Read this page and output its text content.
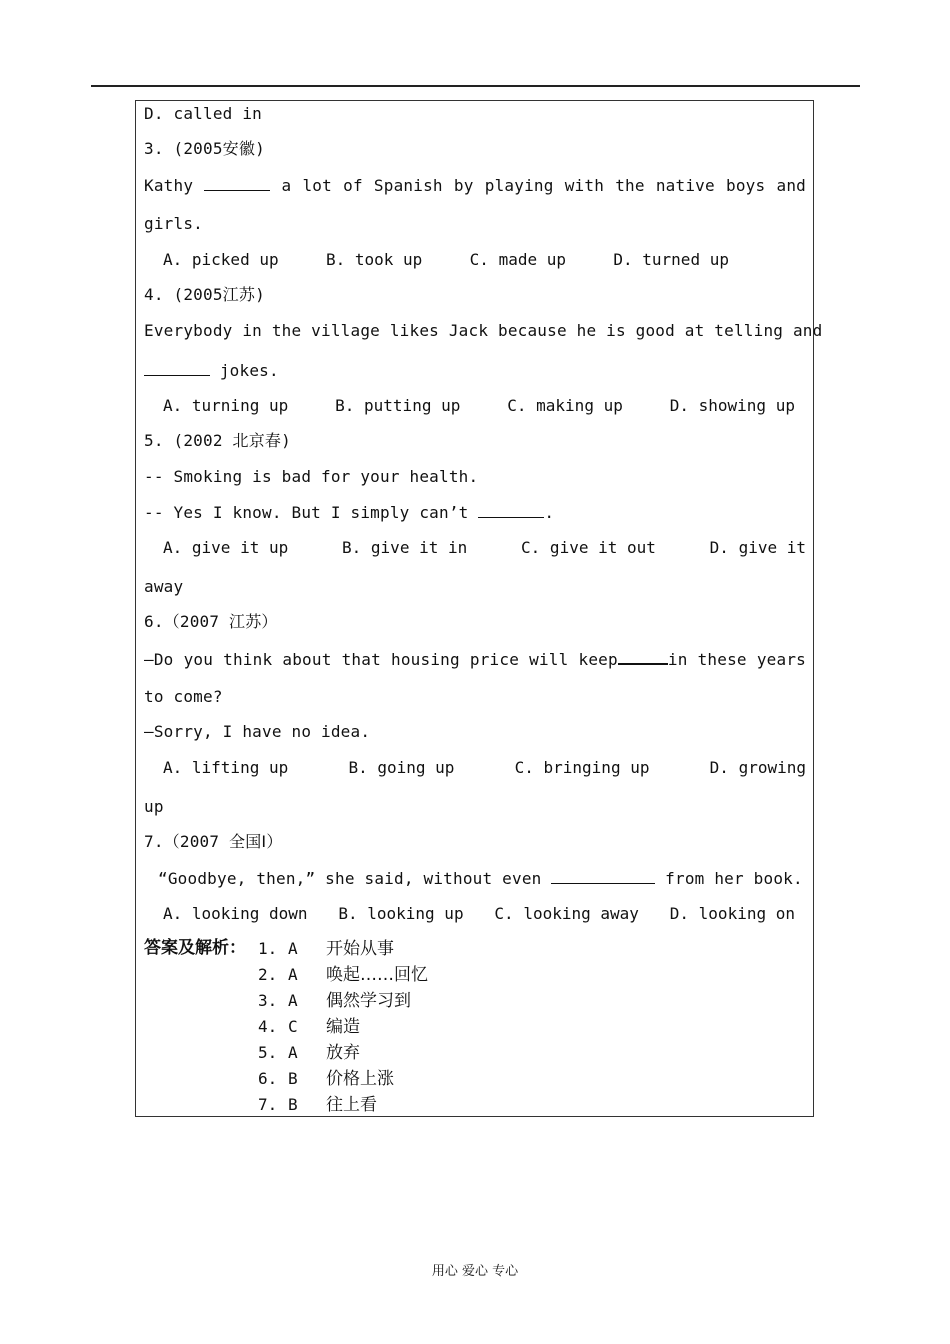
D. called in
3. (2005安徽)
Kathy	a lot of Spanish by playing with the native boys and
girls.
A. picked up	B. took up	C. made up	D. turned up
4. (2005江苏)
Everybody in the village likes Jack because he is good at telling and
jokes.
A. turning up	B. putting up	C. making up	D. showing up
5. (2002 北京春)
-- Smoking is bad for your health.
-- Yes I know. But I simply can’t	.
A. give it up	B. give it in	C. give it out	D. give it
away
6.（2007 江苏）
—Do you think about that housing price will keep	in these years
to come?
—Sorry, I have no idea.
A. lifting up	B. going up	C. bringing up	D. growing
up
7.（2007 全国Ⅰ）
“Goodbye, then,” she said, without even	from her book.
A. looking down B. looking up C. looking away D. looking on
答案及解析： 1. A 开始从事
2. A 唤起……回忆
3. A 偶然学习到
4. C 编造
5. A 放弃
6. B 价格上涨
7. B 往上看
用心 爱心 专心
